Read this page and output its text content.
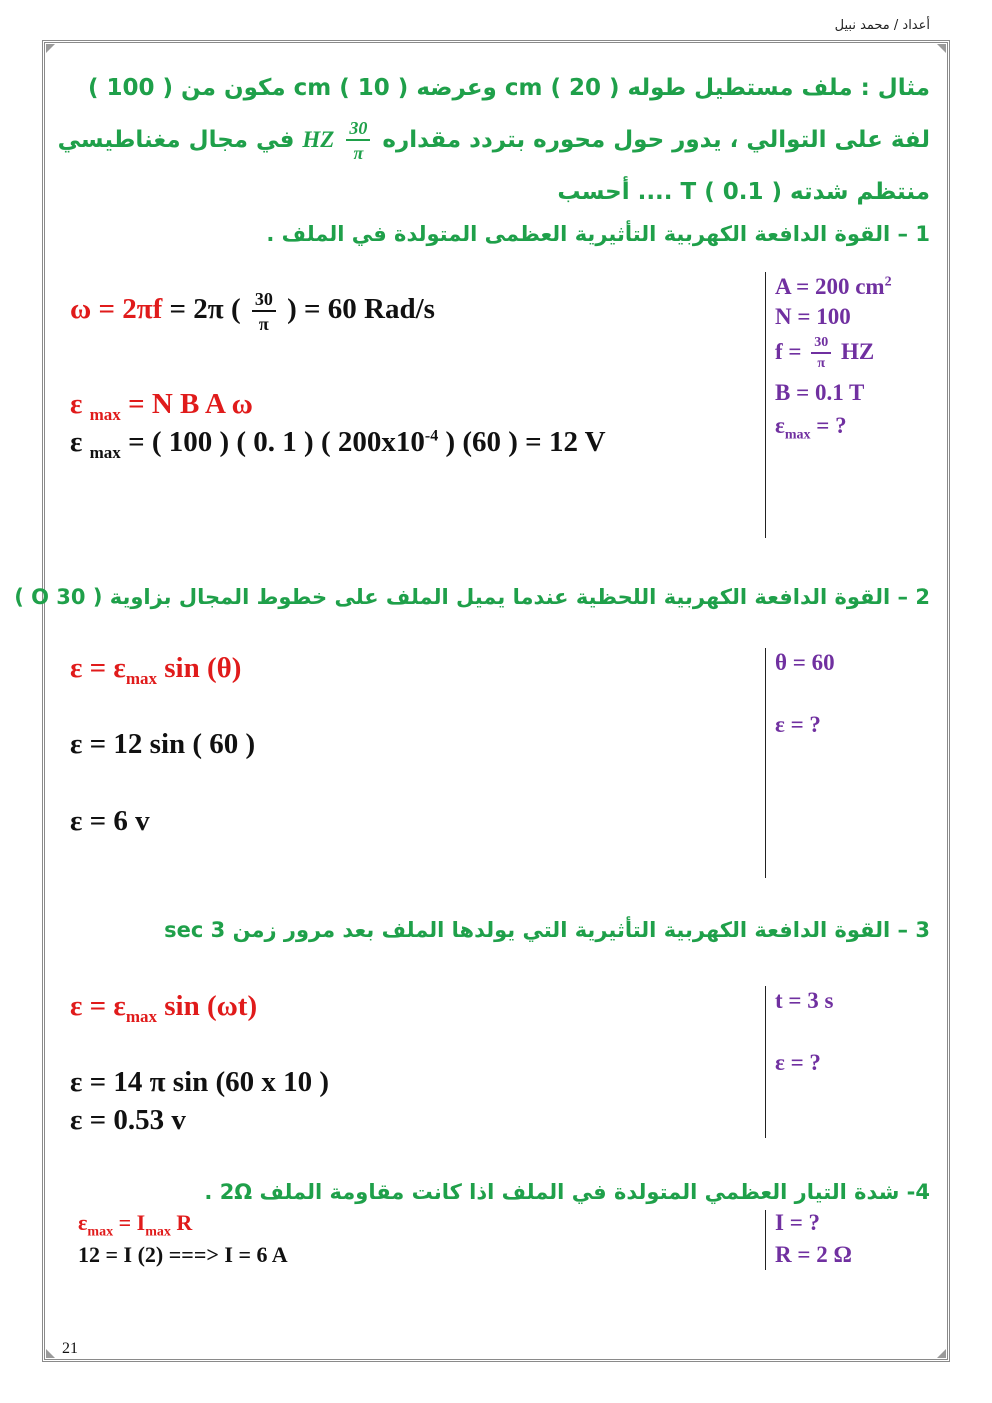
أعداد / محمد نبيل
مثال : ملف مستطيل طوله cm ( 20 ) وعرضه cm ( 10 ) مكون من ( 100 )
لفة على التوالي ، يدور حول محوره بتردد مقداره
$\frac{30}{\pi}$
HZ في مجال مغناطيسي
منتظم شدته T ( 0.1 ) .... أحسب
1 – القوة الدافعة الكهربية التأثيرية العظمى المتولدة في الملف .
ω = 2πf = 2π ( $\frac{30}{\pi}$ ) = 60 Rad/s
ε $_{max}$ = N B A ω
ε $_{max}$ = ( 100 ) ( 0. 1 ) ( $200x10^{-4}$ ) (60 ) = 12 V
A = 200 $cm^2$
N = 100
$f = \frac{30}{\pi}$ HZ
B = 0.1 T
$\varepsilon_{max}$ = ?
2 – القوة الدافعة الكهربية اللحظية عندما يميل الملف على خطوط المجال بزاوية ( 30 O )
$\varepsilon = \varepsilon_{max}$ sin (θ)
ε = 12 sin ( 60 )
ε = 6 v
θ = 60
ε = ?
3 – القوة الدافعة الكهربية التأثيرية التي يولدها الملف بعد مرور زمن 3 sec
$\varepsilon = \varepsilon_{max}$ sin (ωt)
ε = 14 π sin (60 x 10 )
ε = 0.53 v
t = 3 s
ε = ?
4- شدة التيار العظمي المتولدة في الملف اذا كانت مقاومة الملف 2Ω .
$\varepsilon_{max} = I_{max}$ R
12 = I (2) ===> I = 6 A
I = ?
R = 2 Ω
21
